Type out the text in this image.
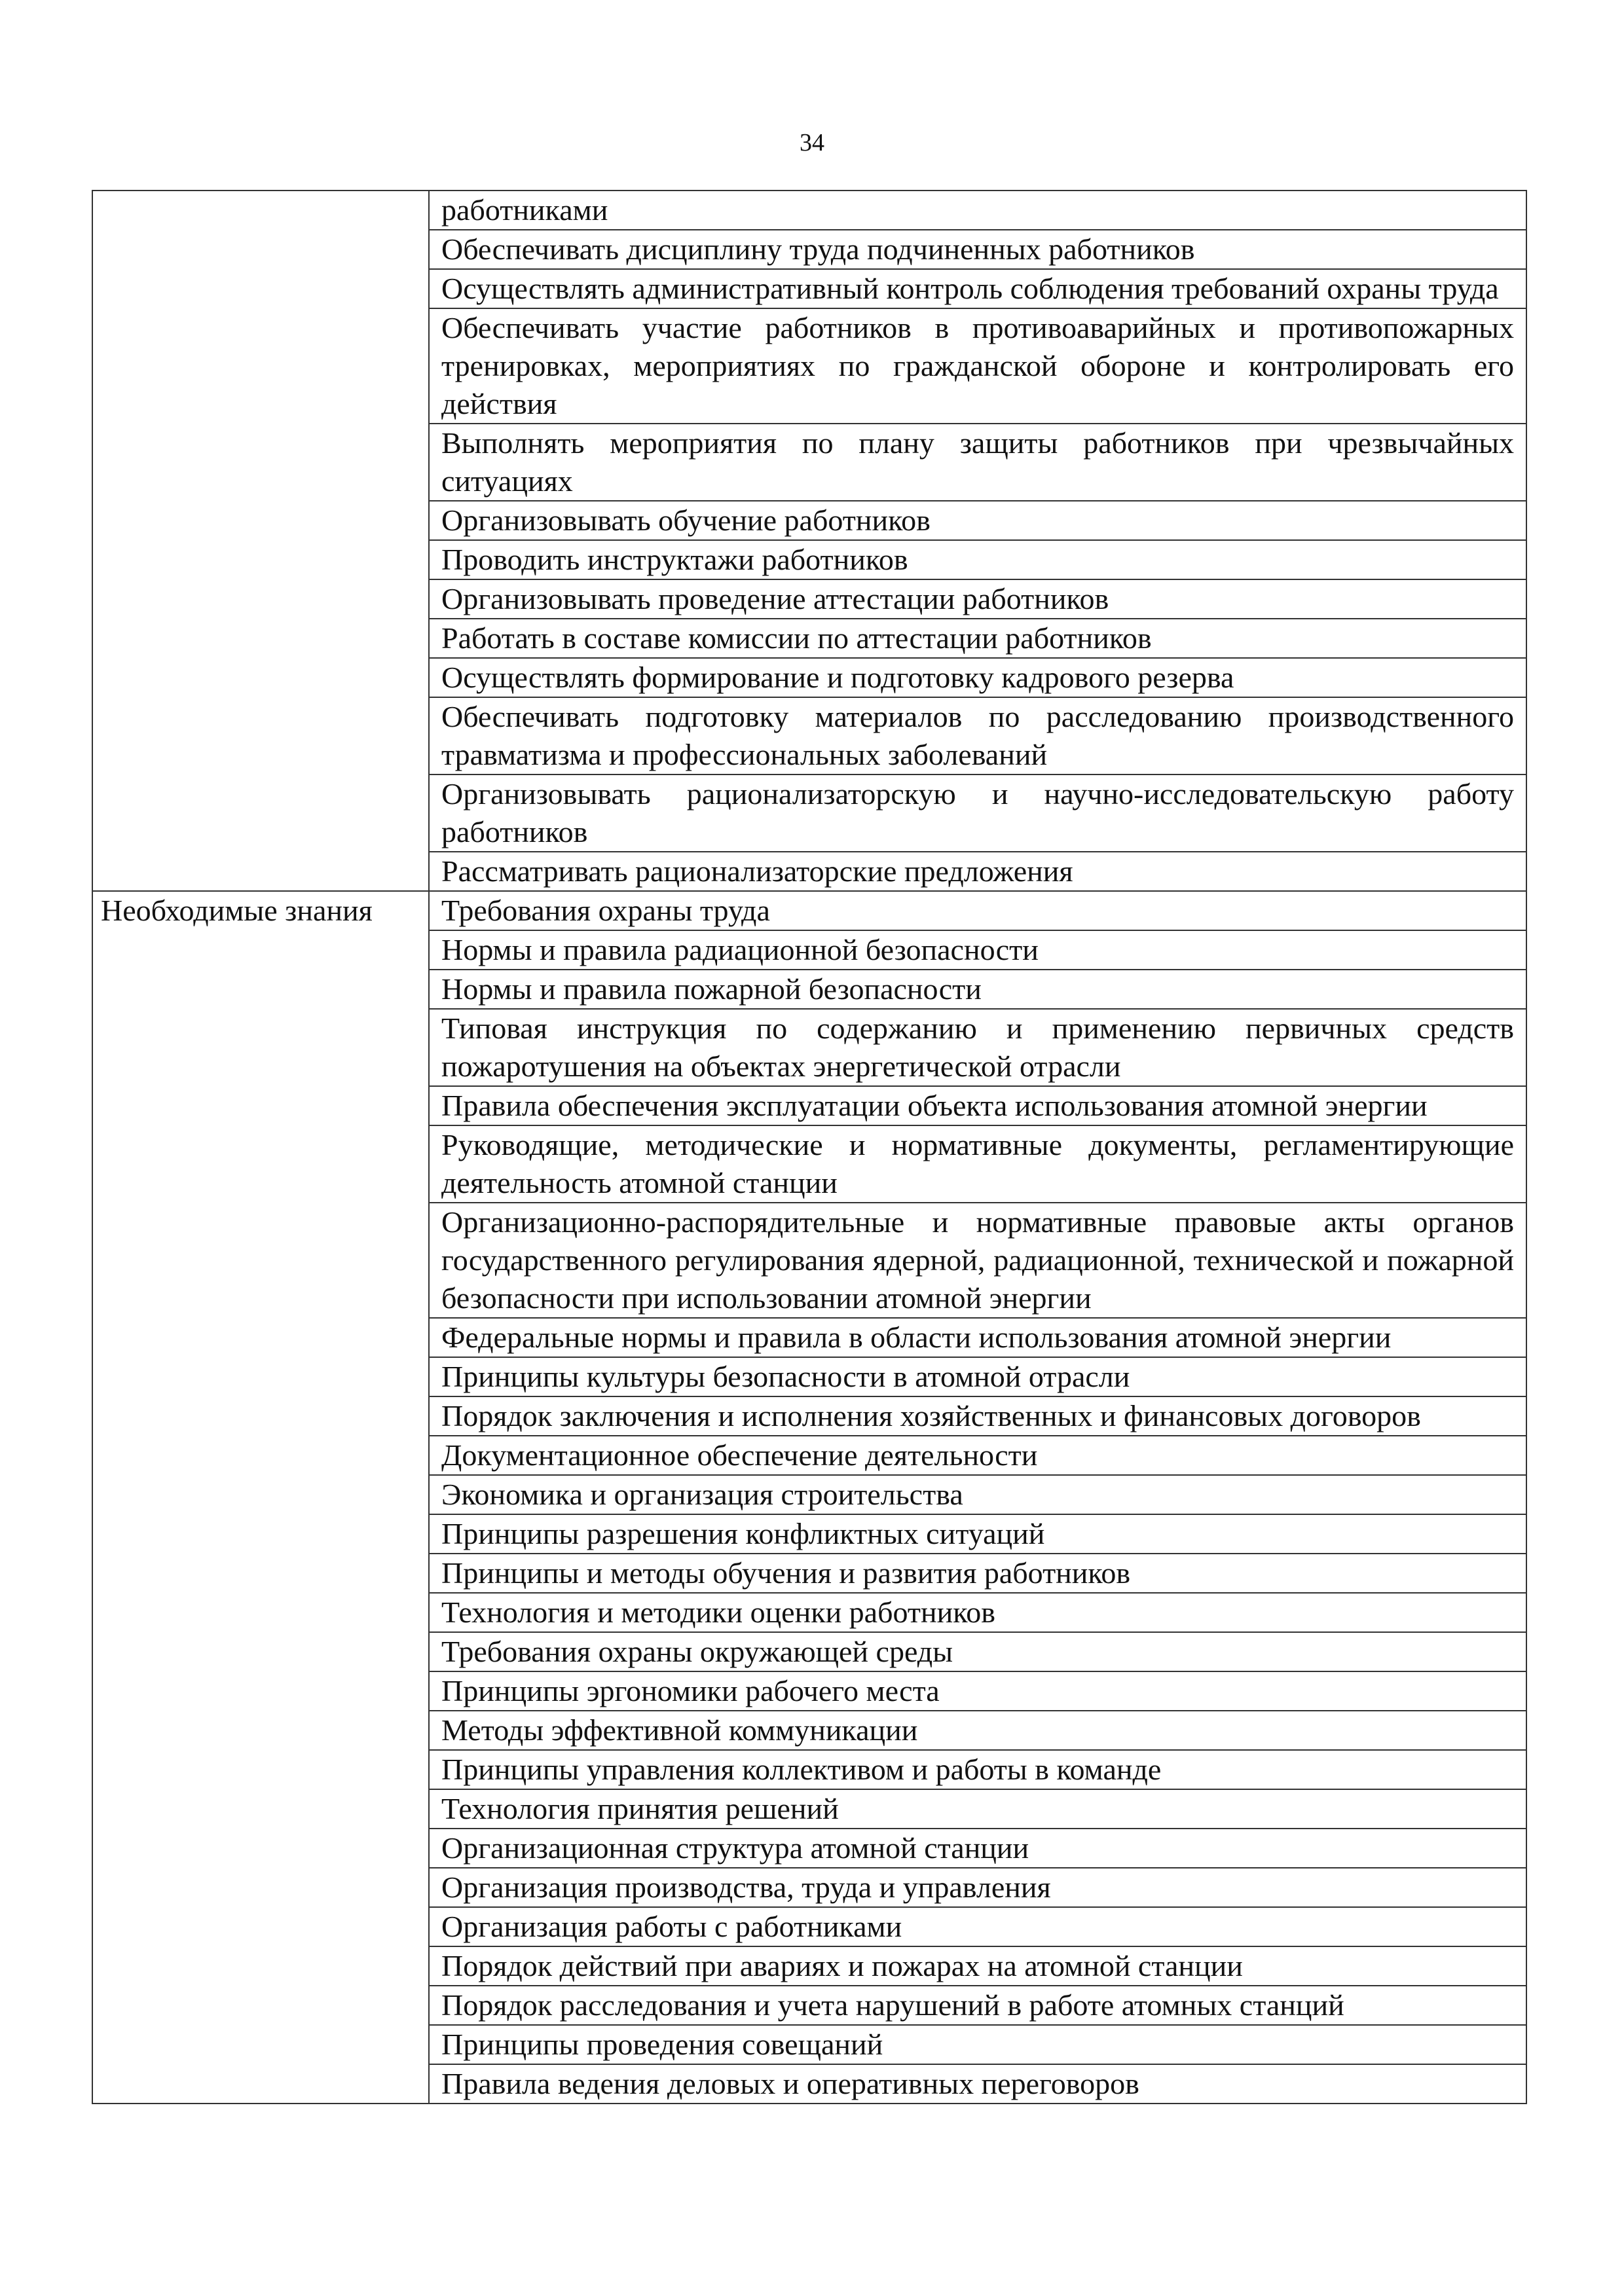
34
	работниками
	Обеспечивать дисциплину труда подчиненных работников
	Осуществлять административный контроль соблюдения требований охраны труда
	Обеспечивать участие работников в противоаварийных и противопожарных тренировках, мероприятиях по гражданской обороне и контролировать его действия
	Выполнять мероприятия по плану защиты работников при чрезвычайных ситуациях
	Организовывать обучение работников
	Проводить инструктажи работников
	Организовывать проведение аттестации работников
	Работать в составе комиссии по аттестации работников
	Осуществлять формирование и подготовку кадрового резерва
	Обеспечивать подготовку материалов по расследованию производственного травматизма и профессиональных заболеваний
	Организовывать рационализаторскую и научно-исследовательскую работу работников
	Рассматривать рационализаторские предложения
Необходимые знания	Требования охраны труда
	Нормы и правила радиационной безопасности
	Нормы и правила пожарной безопасности
	Типовая инструкция по содержанию и применению первичных средств пожаротушения на объектах энергетической отрасли
	Правила обеспечения эксплуатации объекта использования атомной энергии
	Руководящие, методические и нормативные документы, регламентирующие деятельность атомной станции
	Организационно-распорядительные и нормативные правовые акты органов государственного регулирования ядерной, радиационной, технической и пожарной безопасности при использовании атомной энергии
	Федеральные нормы и правила в области использования атомной энергии
	Принципы культуры безопасности в атомной отрасли
	Порядок заключения и исполнения хозяйственных и финансовых договоров
	Документационное обеспечение деятельности
	Экономика и организация строительства
	Принципы разрешения конфликтных ситуаций
	Принципы и методы обучения и развития работников
	Технология и методики оценки работников
	Требования охраны окружающей среды
	Принципы эргономики рабочего места
	Методы эффективной коммуникации
	Принципы управления коллективом и работы в команде
	Технология принятия решений
	Организационная структура атомной станции
	Организация производства, труда и управления
	Организация работы с работниками
	Порядок действий при авариях и пожарах на атомной станции
	Порядок расследования и учета нарушений в работе атомных станций
	Принципы проведения совещаний
	Правила ведения деловых и оперативных переговоров
